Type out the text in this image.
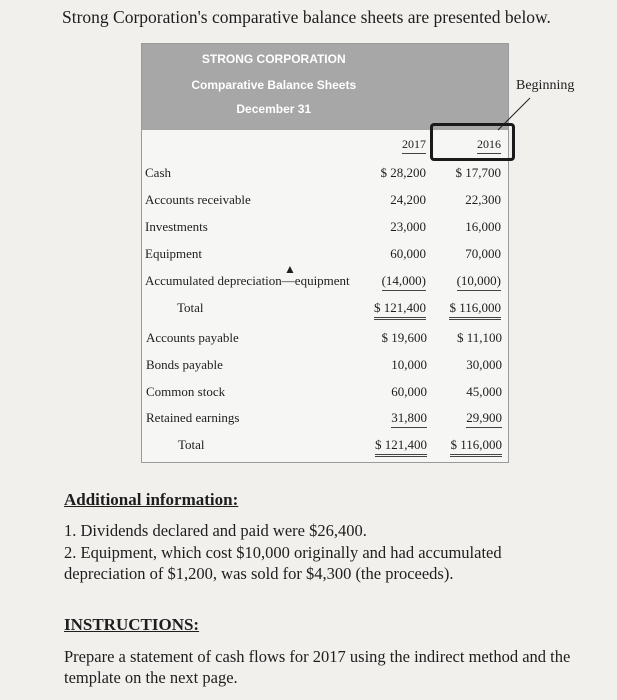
Strong Corporation's comparative balance sheets are presented below.
STRONG CORPORATION
Comparative Balance Sheets
December 31
Beginning
2017	2016
Cash	$ 28,200	$ 17,700
Accounts receivable	24,200	22,300
Investments	23,000	16,000
Equipment	60,000	70,000
Accumulated depreciation—equipment	(14,000)	(10,000)
▲
Total	$ 121,400	$ 116,000
Accounts payable	$ 19,600	$ 11,100
Bonds payable	10,000	30,000
Common stock	60,000	45,000
Retained earnings	31,800	29,900
Total	$ 121,400	$ 116,000
Additional information:
1. Dividends declared and paid were $26,400.
2. Equipment, which cost $10,000 originally and had accumulated depreciation of $1,200, was sold for $4,300 (the proceeds).
INSTRUCTIONS:
Prepare a statement of cash flows for 2017 using the indirect method and the template on the next page.
